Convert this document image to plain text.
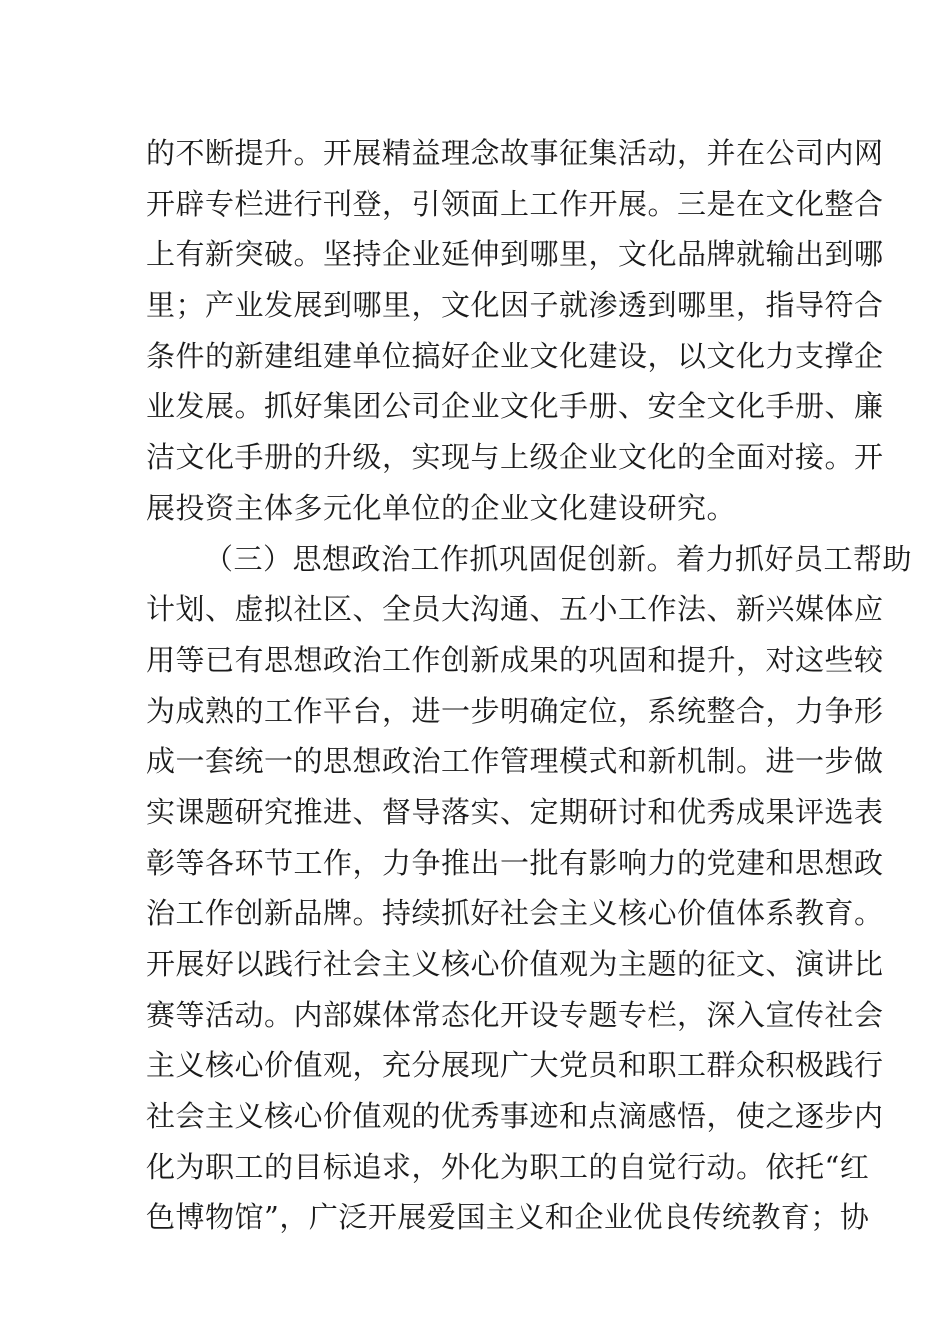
的不断提升。开展精益理念故事征集活动，并在公司内网
开辟专栏进行刊登，引领面上工作开展。三是在文化整合
上有新突破。坚持企业延伸到哪里，文化品牌就输出到哪
里；产业发展到哪里，文化因子就渗透到哪里，指导符合
条件的新建组建单位搞好企业文化建设，以文化力支撑企
业发展。抓好集团公司企业文化手册、安全文化手册、廉
洁文化手册的升级，实现与上级企业文化的全面对接。开
展投资主体多元化单位的企业文化建设研究。
（三）思想政治工作抓巩固促创新。着力抓好员工帮助
计划、虚拟社区、全员大沟通、五小工作法、新兴媒体应
用等已有思想政治工作创新成果的巩固和提升，对这些较
为成熟的工作平台，进一步明确定位，系统整合，力争形
成一套统一的思想政治工作管理模式和新机制。进一步做
实课题研究推进、督导落实、定期研讨和优秀成果评选表
彰等各环节工作，力争推出一批有影响力的党建和思想政
治工作创新品牌。持续抓好社会主义核心价值体系教育。
开展好以践行社会主义核心价值观为主题的征文、演讲比
赛等活动。内部媒体常态化开设专题专栏，深入宣传社会
主义核心价值观，充分展现广大党员和职工群众积极践行
社会主义核心价值观的优秀事迹和点滴感悟，使之逐步内
化为职工的目标追求，外化为职工的自觉行动。依托“红
色博物馆”，广泛开展爱国主义和企业优良传统教育；协
